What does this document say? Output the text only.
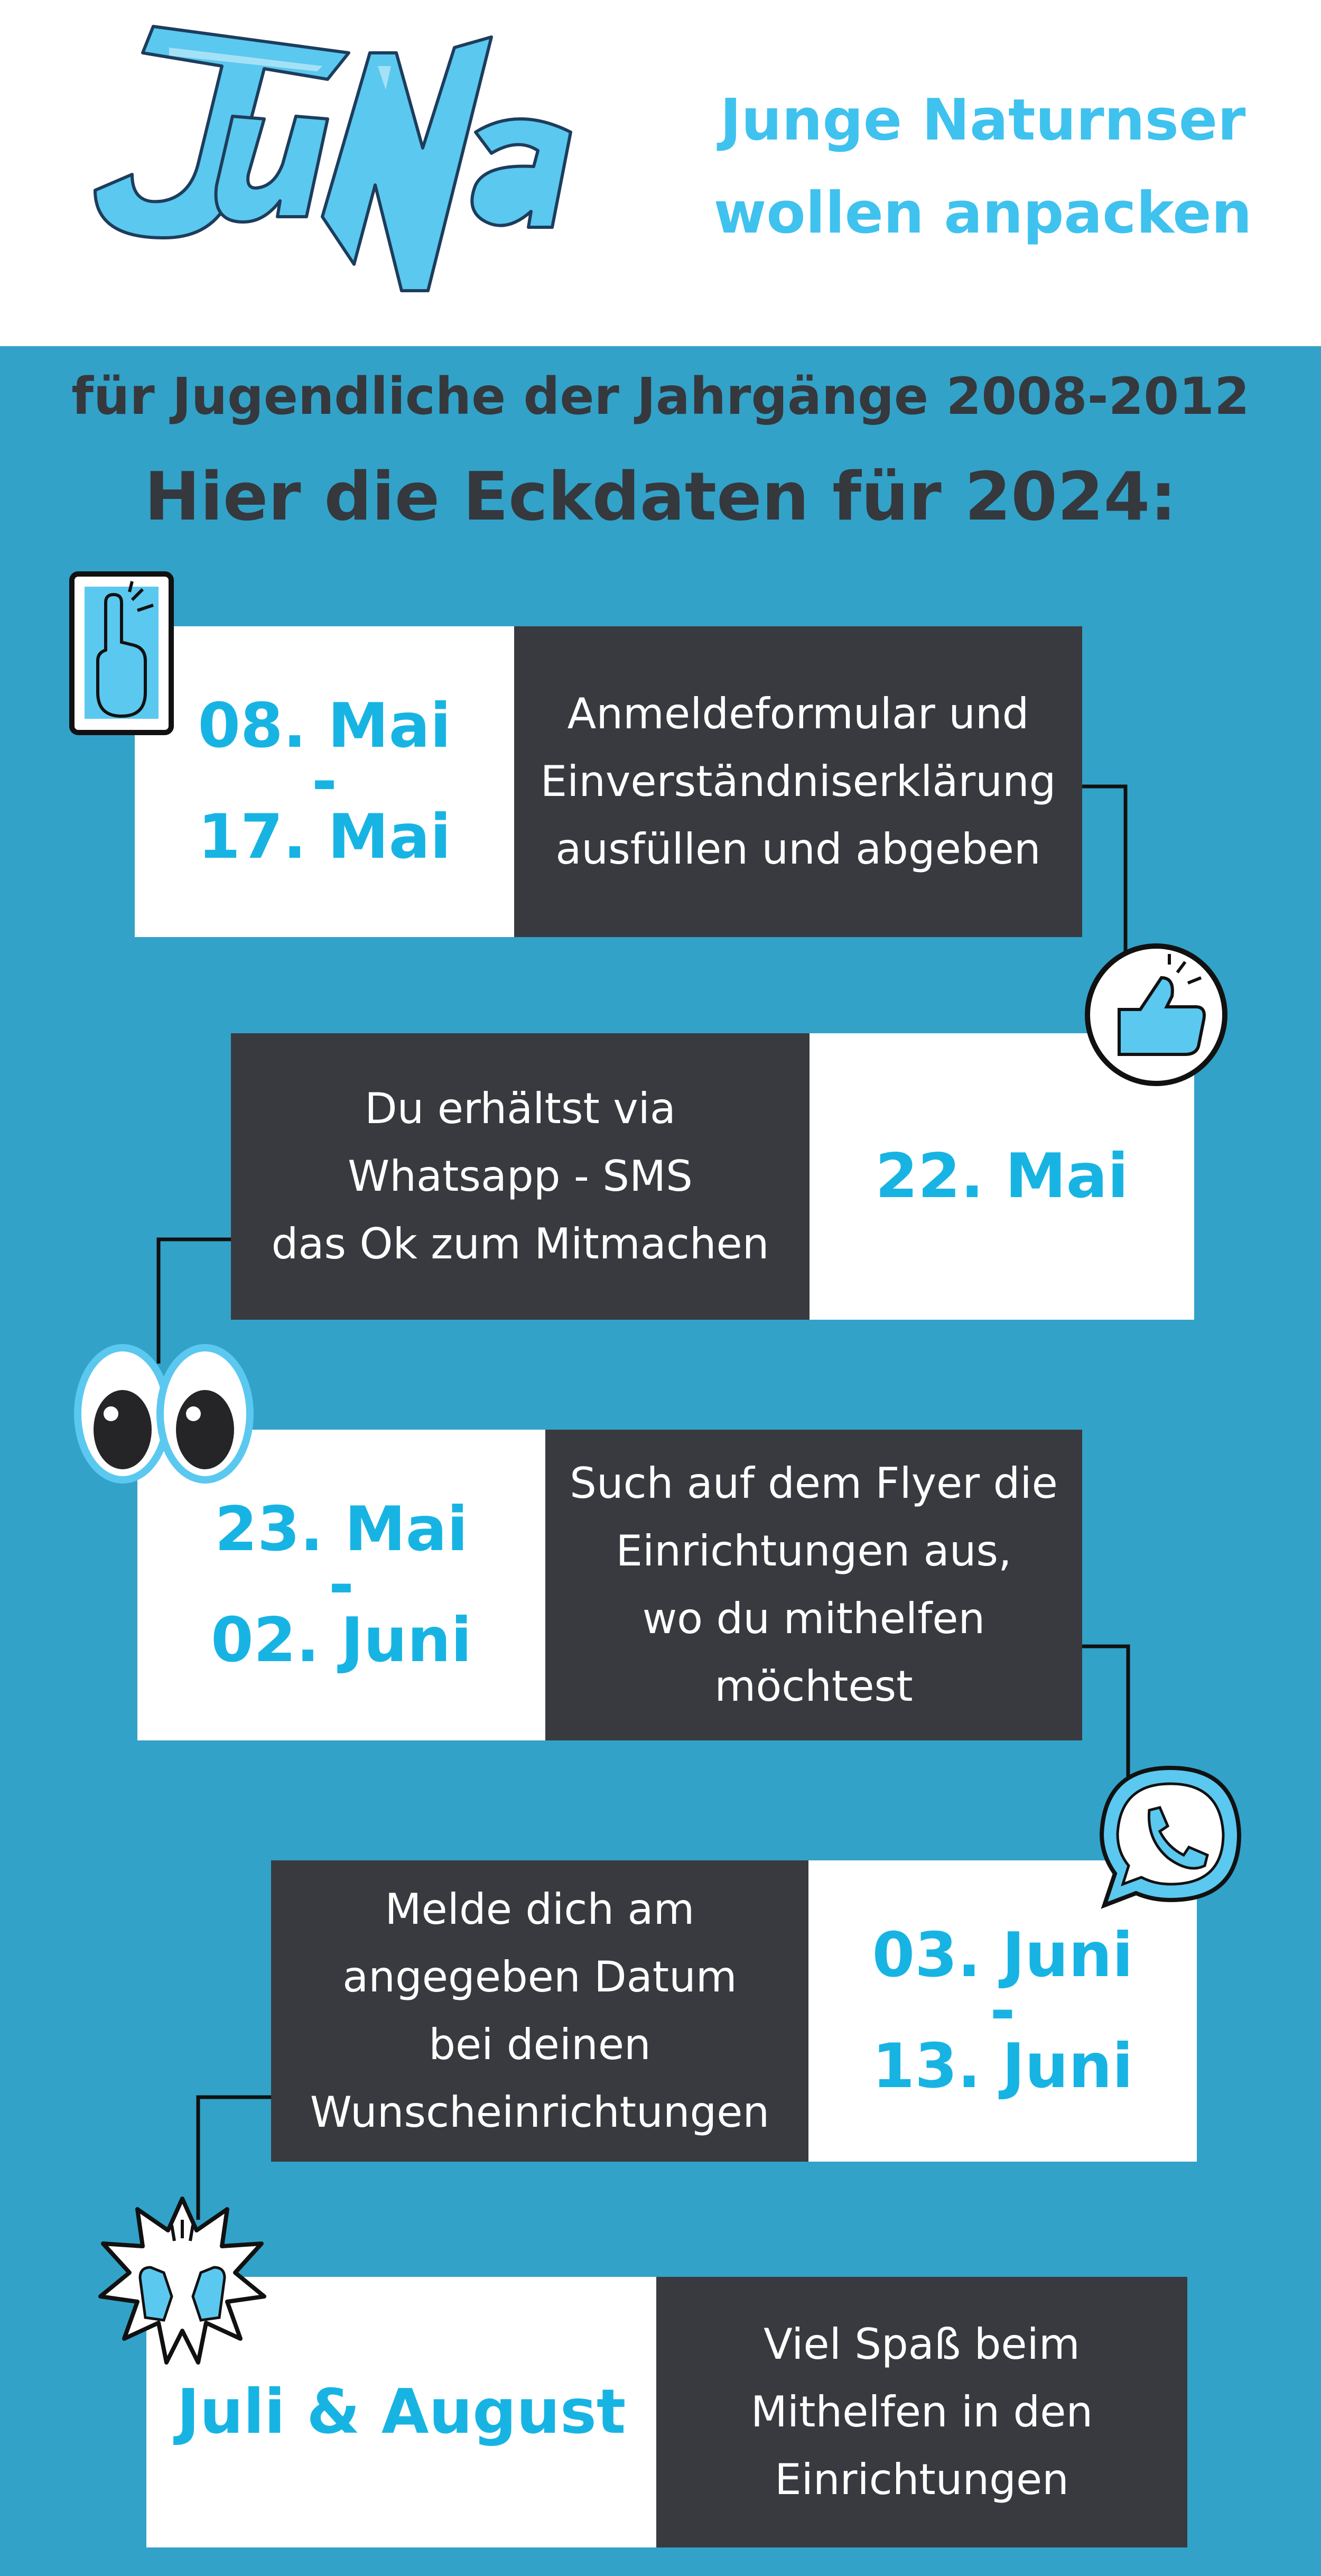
Junge Naturnser
wollen anpacken
für Jugendliche der Jahrgänge 2008-2012
Hier die Eckdaten für 2024:
08. Mai
-
17. Mai
Anmeldeformular und
Einverständniserklärung
ausfüllen und abgeben
Du erhältst via
Whatsapp - SMS
das Ok zum Mitmachen
22. Mai
23. Mai
-
02. Juni
Such auf dem Flyer die
Einrichtungen aus,
wo du mithelfen
möchtest
Melde dich am
angegeben Datum
bei deinen
Wunscheinrichtungen
03. Juni
-
13. Juni
Juli & August
Viel Spaß beim
Mithelfen in den
Einrichtungen
